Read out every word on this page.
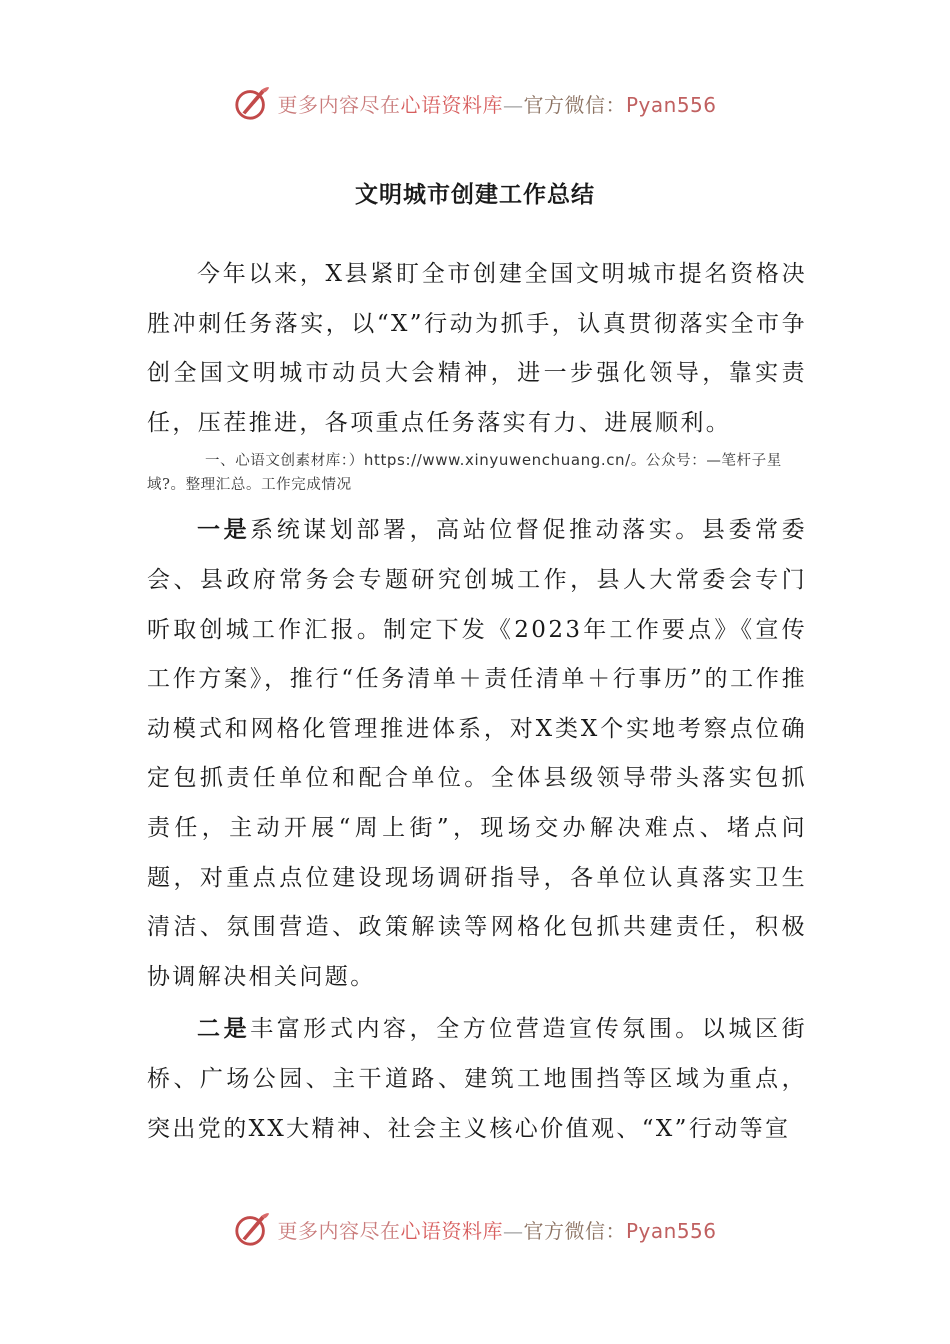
更多内容尽在心语资料库—官方微信：Pyan556
文明城市创建工作总结

今年以来，X县紧盯全市创建全国文明城市提名资格决胜冲刺任务落实，以“X”行动为抓手，认真贯彻落实全市争创全国文明城市动员大会精神，进一步强化领导，靠实责任，压茬推进，各项重点任务落实有力、进展顺利。

一、心语文创素材库：）https://www.xinyuwenchuang.cn/。公众号：—笔杆子星域?。整理汇总。工作完成情况

一是系统谋划部署，高站位督促推动落实。县委常委会、县政府常务会专题研究创城工作，县人大常委会专门听取创城工作汇报。制定下发《2023年工作要点》《宣传工作方案》，推行“任务清单＋责任清单＋行事历”的工作推动模式和网格化管理推进体系，对X类X个实地考察点位确定包抓责任单位和配合单位。全体县级领导带头落实包抓责任，主动开展“周上街”，现场交办解决难点、堵点问题，对重点点位建设现场调研指导，各单位认真落实卫生清洁、氛围营造、政策解读等网格化包抓共建责任，积极协调解决相关问题。

二是丰富形式内容，全方位营造宣传氛围。以城区街桥、广场公园、主干道路、建筑工地围挡等区域为重点，突出党的XX大精神、社会主义核心价值观、“X”行动等宣

更多内容尽在心语资料库—官方微信：Pyan556
